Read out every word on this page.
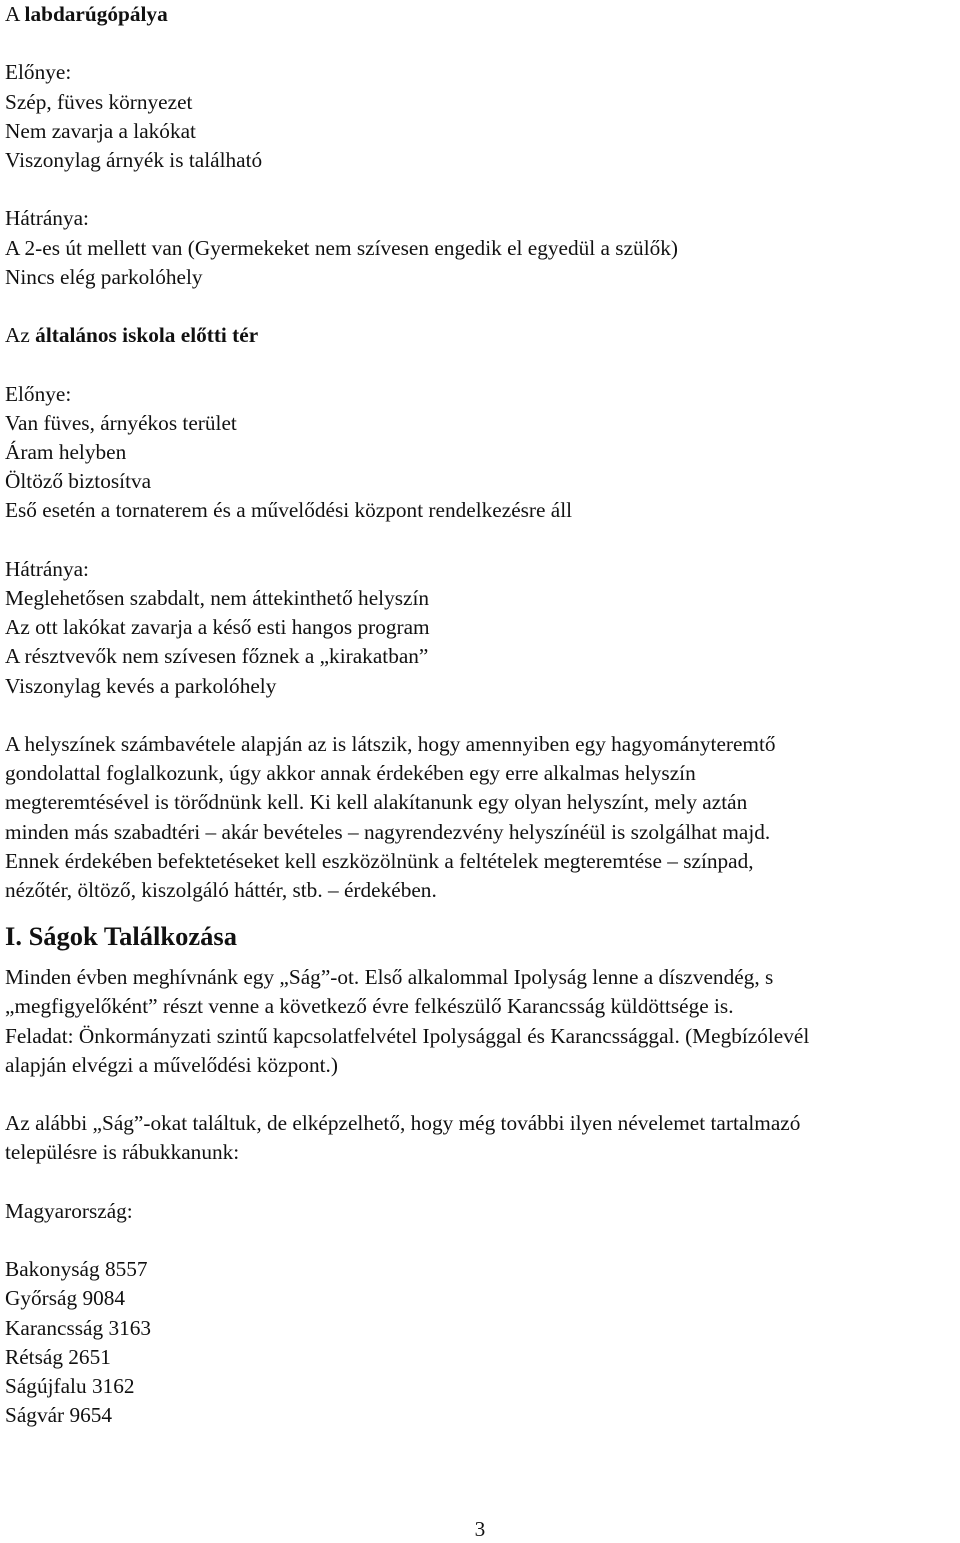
A labdarúgópálya
Előnye:
Szép, füves környezet
Nem zavarja a lakókat
Viszonylag árnyék is található
Hátránya:
A 2-es út mellett van (Gyermekeket nem szívesen engedik el egyedül a szülők)
Nincs elég parkolóhely
Az általános iskola előtti tér
Előnye:
Van füves, árnyékos terület
Áram helyben
Öltöző biztosítva
Eső esetén a tornaterem és a művelődési központ rendelkezésre áll
Hátránya:
Meglehetősen szabdalt, nem áttekinthető helyszín
Az ott lakókat zavarja a késő esti hangos program
A résztvevők nem szívesen főznek a „kirakatban”
Viszonylag kevés a parkolóhely
A helyszínek számbavétele alapján az is látszik, hogy amennyiben egy hagyományteremtő
gondolattal foglalkozunk, úgy akkor annak érdekében egy erre alkalmas helyszín
megteremtésével is törődnünk kell. Ki kell alakítanunk egy olyan helyszínt, mely aztán
minden más szabadtéri – akár bevételes – nagyrendezvény helyszínéül is szolgálhat majd.
Ennek érdekében befektetéseket kell eszközölnünk a feltételek megteremtése – színpad,
nézőtér, öltöző, kiszolgáló háttér, stb. – érdekében.
I. Ságok Találkozása
Minden évben meghívnánk egy „Ság”-ot. Első alkalommal Ipolyság lenne a díszvendég, s
„megfigyelőként” részt venne a következő évre felkészülő Karancsság küldöttsége is.
Feladat: Önkormányzati szintű kapcsolatfelvétel Ipolysággal és Karancssággal. (Megbízólevél
alapján elvégzi a művelődési központ.)
Az alábbi „Ság”-okat találtuk, de elképzelhető, hogy még további ilyen névelemet tartalmazó
településre is rábukkanunk:
Magyarország:
Bakonyság 8557
Győrság 9084
Karancsság 3163
Rétság 2651
Ságújfalu 3162
Ságvár 9654
3
